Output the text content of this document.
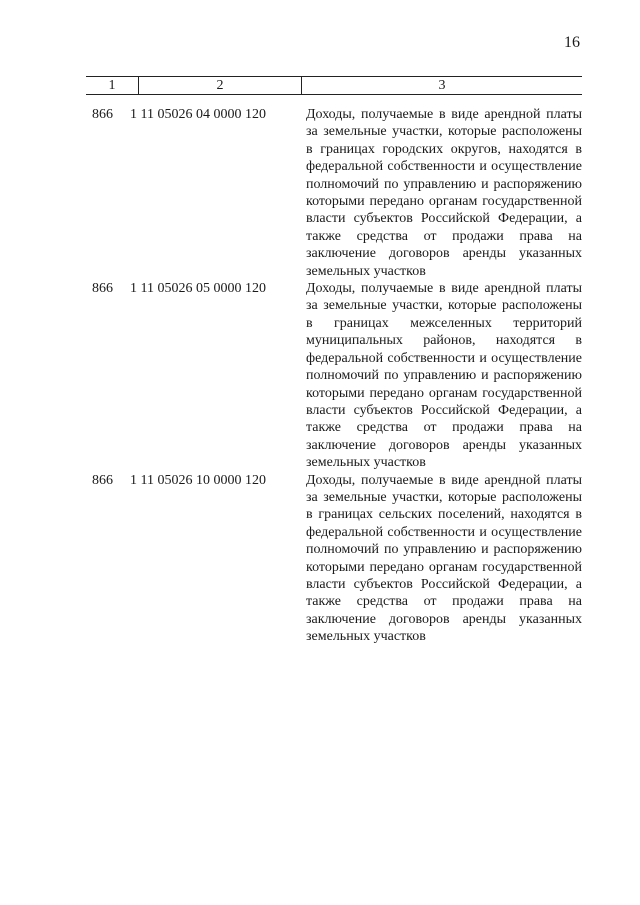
16
1	2	3
866	1 11 05026 04 0000 120	Доходы, получаемые в виде арендной платы за земельные участки, которые расположены в границах городских округов, находятся в федеральной собственности и осуществление полномочий по управлению и распоряжению которыми передано органам государственной власти субъектов Российской Федерации, а также средства от продажи права на заключение договоров аренды указанных земельных участков
866	1 11 05026 05 0000 120	Доходы, получаемые в виде арендной платы за земельные участки, которые расположены в границах межселенных территорий муниципальных районов, находятся в федеральной собственности и осуществление полномочий по управлению и распоряжению которыми передано органам государственной власти субъектов Российской Федерации, а также средства от продажи права на заключение договоров аренды указанных земельных участков
866	1 11 05026 10 0000 120	Доходы, получаемые в виде арендной платы за земельные участки, которые расположены в границах сельских поселений, находятся в федеральной собственности и осуществление полномочий по управлению и распоряжению которыми передано органам государственной власти субъектов Российской Федерации, а также средства от продажи права на заключение договоров аренды указанных земельных участков
